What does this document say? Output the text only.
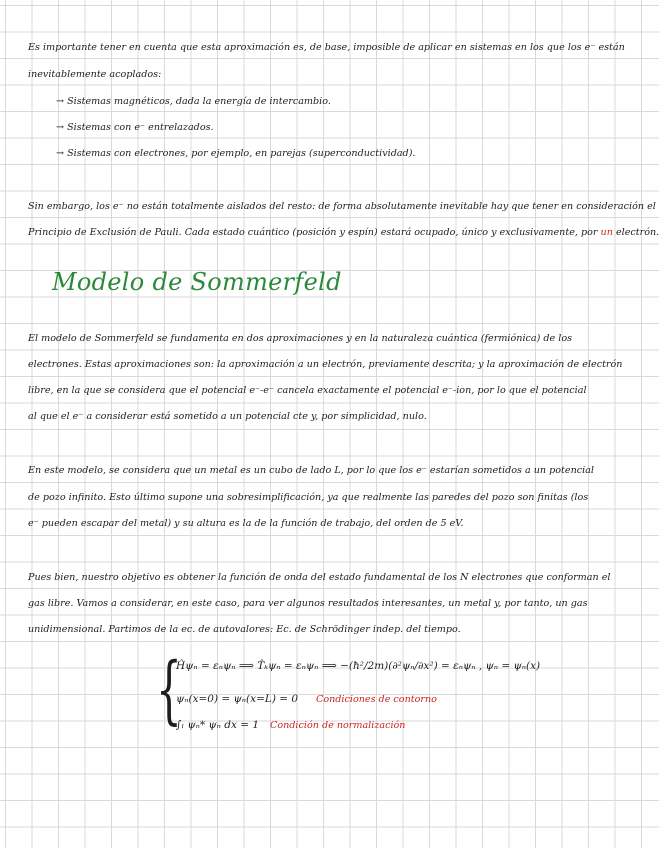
Es importante tener en cuenta que esta aproximación es, de base, imposible de aplicar en sistemas en los que los e⁻ están
inevitablemente acoplados:
→ Sistemas magnéticos, dada la energía de intercambio.
→ Sistemas con e⁻ entrelazados.
→ Sistemas con electrones, por ejemplo, en parejas (superconductividad).
Sin embargo, los e⁻ no están totalmente aislados del resto: de forma absolutamente inevitable hay que tener en consideración el
Principio de Exclusión de Pauli. Cada estado cuántico (posición y espín) estará ocupado, único y exclusivamente, por un electrón.
Modelo de Sommerfeld
El modelo de Sommerfeld se fundamenta en dos aproximaciones y en la naturaleza cuántica (fermiónica) de los
electrones. Estas aproximaciones son: la aproximación a un electrón, previamente descrita; y la aproximación de electrón
libre, en la que se considera que el potencial e⁻-e⁻ cancela exactamente el potencial e⁻-ion, por lo que el potencial
al que el e⁻ a considerar está sometido a un potencial cte y, por simplicidad, nulo.
En este modelo, se considera que un metal es un cubo de lado L, por lo que los e⁻ estarían sometidos a un potencial
de pozo infinito. Esto último supone una sobresimplificación, ya que realmente las paredes del pozo son finitas (los
e⁻ pueden escapar del metal) y su altura es la de la función de trabajo, del orden de 5 eV.
Pues bien, nuestro objetivo es obtener la función de onda del estado fundamental de los N electrones que conforman el
gas libre. Vamos a considerar, en este caso, para ver algunos resultados interesantes, un metal y, por tanto, un gas
unidimensional. Partimos de la ec. de autovalores: Ec. de Schrödinger indep. del tiempo.
{
Ĥψₙ = εₙψₙ ⟹ T̂ₖψₙ = εₙψₙ ⟹ −(ħ²/2m)(∂²ψₙ/∂x²) = εₙψₙ , ψₙ = ψₙ(x)
ψₙ(x=0) = ψₙ(x=L) = 0 Condiciones de contorno
∫ₗ ψₙ* ψₙ dx = 1 Condición de normalización
